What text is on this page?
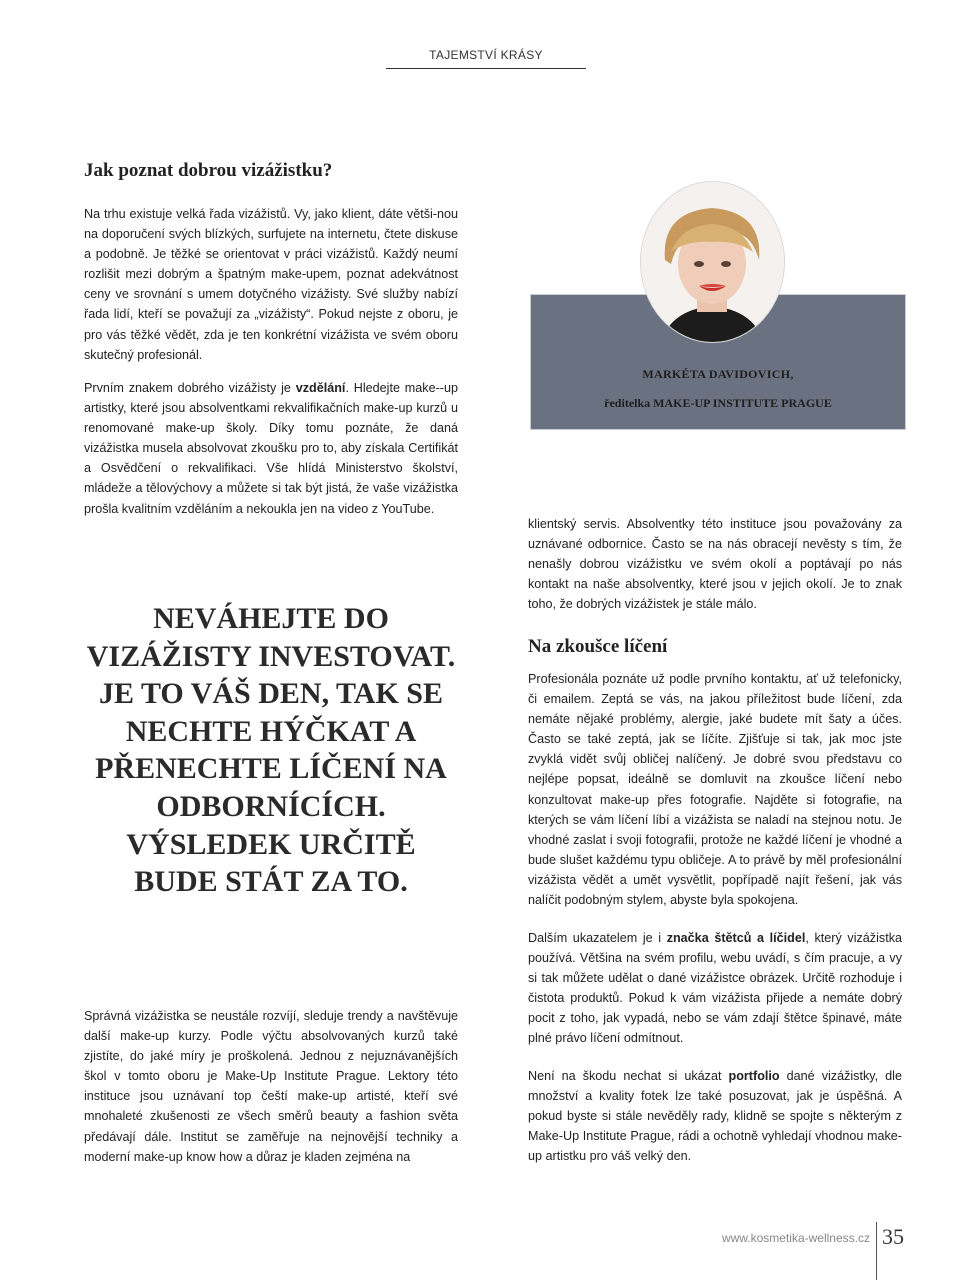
TAJEMSTVÍ KRÁSY
Jak poznat dobrou vizážistku?

Na trhu existuje velká řada vizážistů. Vy, jako klient, dáte větši-nou na doporučení svých blízkých, surfujete na internetu, čtete diskuse a podobně. Je těžké se orientovat v práci vizážistů. Každý neumí rozlišit mezi dobrým a špatným make-upem, poznat adekvátnost ceny ve srovnání s umem dotyčného vizážisty. Své služby nabízí řada lidí, kteří se považují za „vizážisty“. Pokud nejste z oboru, je pro vás těžké vědět, zda je ten konkrétní vizážista ve svém oboru skutečný profesionál.

Prvním znakem dobrého vizážisty je vzdělání. Hledejte make--up artistky, které jsou absolventkami rekvalifikačních make-up kurzů u renomované make-up školy. Díky tomu poznáte, že daná vizážistka musela absolvovat zkoušku pro to, aby získala Certifikát a Osvědčení o rekvalifikaci. Vše hlídá Ministerstvo školství, mládeže a tělovýchovy a můžete si tak být jistá, že vaše vizážistka prošla kvalitním vzděláním a nekoukla jen na video z YouTube.

NEVÁHEJTE DO VIZÁŽISTY INVESTOVAT. JE TO VÁŠ DEN, TAK SE NECHTE HÝČKAT A PŘENECHTE LÍČENÍ NA ODBORNÍCÍCH. VÝSLEDEK URČITĚ BUDE STÁT ZA TO.

Správná vizážistka se neustále rozvíjí, sleduje trendy a navštěvuje další make-up kurzy. Podle výčtu absolvovaných kurzů také zjistíte, do jaké míry je proškolená. Jednou z nejuznávanějších škol v tomto oboru je Make-Up Institute Prague. Lektory této instituce jsou uznávaní top čeští make-up artisté, kteří své mnohaleté zkušenosti ze všech směrů beauty a fashion světa předávají dále. Institut se zaměřuje na nejnovější techniky a moderní make-up know how a důraz je kladen zejména na

MARKÉTA DAVIDOVICH,
ředitelka MAKE-UP INSTITUTE PRAGUE

klientský servis. Absolventky této instituce jsou považovány za uznávané odbornice. Často se na nás obracejí nevěsty s tím, že nenašly dobrou vizážistku ve svém okolí a poptávají po nás kontakt na naše absolventky, které jsou v jejich okolí. Je to znak toho, že dobrých vizážistek je stále málo.

Na zkoušce líčení

Profesionála poznáte už podle prvního kontaktu, ať už telefonicky, či emailem. Zeptá se vás, na jakou příležitost bude líčení, zda nemáte nějaké problémy, alergie, jaké budete mít šaty a účes. Často se také zeptá, jak se líčíte. Zjišťuje si tak, jak moc jste zvyklá vidět svůj obličej nalíčený. Je dobré svou představu co nejlépe popsat, ideálně se domluvit na zkoušce líčení nebo konzultovat make-up přes fotografie. Najděte si fotografie, na kterých se vám líčení líbí a vizážista se naladí na stejnou notu. Je vhodné zaslat i svoji fotografii, protože ne každé líčení je vhodné a bude slušet každému typu obličeje. A to právě by měl profesionální vizážista vědět a umět vysvětlit, popřípadě najít řešení, jak vás nalíčit podobným stylem, abyste byla spokojena.

Dalším ukazatelem je i značka štětců a líčidel, který vizážistka používá. Většina na svém profilu, webu uvádí, s čím pracuje, a vy si tak můžete udělat o dané vizážistce obrázek. Určitě rozhoduje i čistota produktů. Pokud k vám vizážista přijede a nemáte dobrý pocit z toho, jak vypadá, nebo se vám zdají štětce špinavé, máte plné právo líčení odmítnout.

Není na škodu nechat si ukázat portfolio dané vizážistky, dle množství a kvality fotek lze také posuzovat, jak je úspěšná. A pokud byste si stále nevěděly rady, klidně se spojte s některým z Make-Up Institute Prague, rádi a ochotně vyhledají vhodnou make-up artistku pro váš velký den.

www.kosmetika-wellness.cz 35
